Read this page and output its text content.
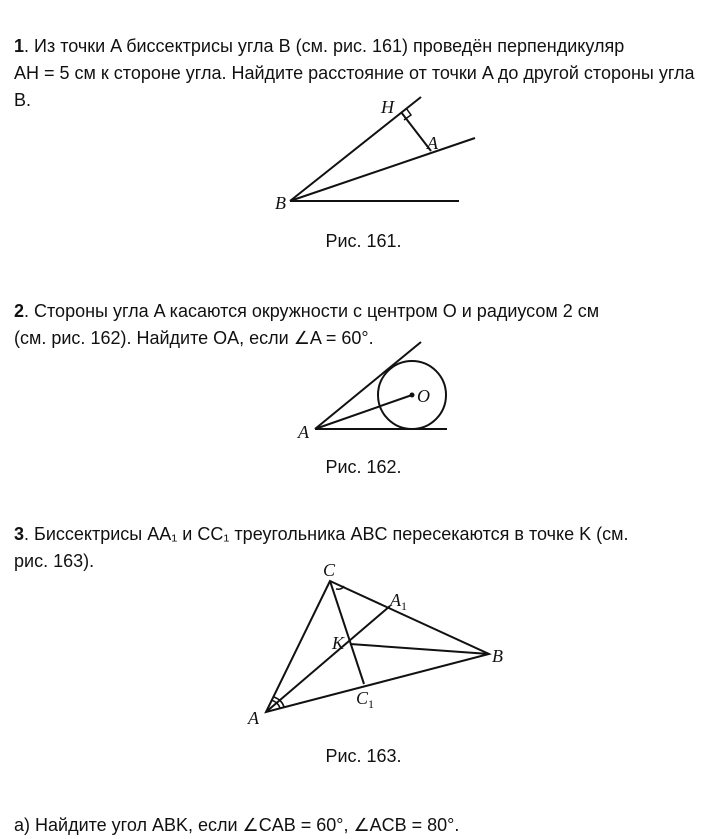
1. Из точки A биссектрисы угла B (см. рис. 161) проведён перпендикуляр
AH = 5 см к стороне угла. Найдите расстояние от точки A до другой стороны угла
B.	H
A
B
Рис. 161.

2. Стороны угла A касаются окружности с центром O и радиусом 2 см
(см. рис. 162). Найдите OA, если ∠A = 60°.

A
O
Рис. 162.

3. Биссектрисы AA₁ и CC₁ треугольника ABC пересекаются в точке K (см.
рис. 163).	C
$A_1$
K
B
$C_1$
A
Рис. 163.

а) Найдите угол ABK, если ∠CAB = 60°, ∠ACB = 80°.
